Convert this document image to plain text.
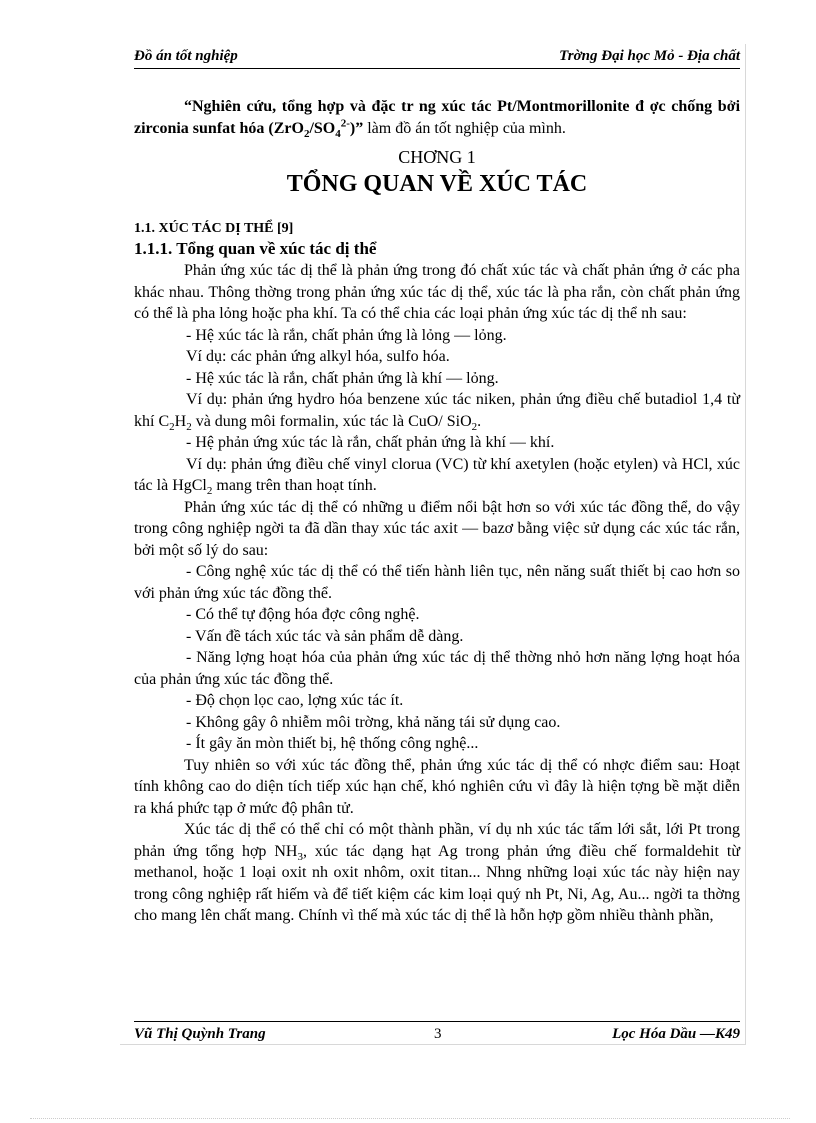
Đồ án tốt nghiệp	Trờng Đại học Mỏ - Địa chất

“Nghiên cứu, tổng hợp và đặc tr ng xúc tác Pt/Montmorillonite đ ợc chống bởi zirconia sunfat hóa $(ZrO_2/SO_4^{2-})$” làm đồ án tốt nghiệp của mình.

CHƠNG 1
TỔNG QUAN VỀ XÚC TÁC
1.1. XÚC TÁC DỊ THỂ [9]
1.1.1. Tổng quan về xúc tác dị thể

Phản ứng xúc tác dị thể là phản ứng trong đó chất xúc tác và chất phản ứng ở các pha khác nhau. Thông thờng trong phản ứng xúc tác dị thể, xúc tác là pha rắn, còn chất phản ứng có thể là pha lỏng hoặc pha khí. Ta có thể chia các loại phản ứng xúc tác dị thể nh sau:

- Hệ xúc tác là rắn, chất phản ứng là lỏng — lỏng.

Ví dụ: các phản ứng alkyl hóa, sulfo hóa.

- Hệ xúc tác là rắn, chất phản ứng là khí — lỏng.

Ví dụ: phản ứng hydro hóa benzene xúc tác niken, phản ứng điều chế butadiol 1,4 từ khí $C_2H_2$ và dung môi formalin, xúc tác là CuO/ SiO$_2$.

- Hệ phản ứng xúc tác là rắn, chất phản ứng là khí — khí.

Ví dụ: phản ứng điều chế vinyl clorua (VC) từ khí axetylen (hoặc etylen) và HCl, xúc tác là HgCl$_2$ mang trên than hoạt tính.

Phản ứng xúc tác dị thể có những u điểm nổi bật hơn so với xúc tác đồng thể, do vậy trong công nghiệp ngời ta đã dần thay xúc tác axit — bazơ bằng việc sử dụng các xúc tác rắn, bởi một số lý do sau:

- Công nghệ xúc tác dị thể có thể tiến hành liên tục, nên năng suất thiết bị cao hơn so với phản ứng xúc tác đồng thể.

- Có thể tự động hóa đợc công nghệ.

- Vấn đề tách xúc tác và sản phẩm dễ dàng.

- Năng lợng hoạt hóa của phản ứng xúc tác dị thể thờng nhỏ hơn năng lợng hoạt hóa của phản ứng xúc tác đồng thể.

- Độ chọn lọc cao, lợng xúc tác ít.

- Không gây ô nhiễm môi trờng, khả năng tái sử dụng cao.

- Ít gây ăn mòn thiết bị, hệ thống công nghệ...

Tuy nhiên so với xúc tác đồng thể, phản ứng xúc tác dị thể có nhợc điểm sau: Hoạt tính không cao do diện tích tiếp xúc hạn chế, khó nghiên cứu vì đây là hiện tợng bề mặt diễn ra khá phức tạp ở mức độ phân tử.

Xúc tác dị thể có thể chỉ có một thành phần, ví dụ nh xúc tác tấm lới sắt, lới Pt trong phản ứng tổng hợp $NH_3$, xúc tác dạng hạt Ag trong phản ứng điều chế formaldehit từ methanol, hoặc 1 loại oxit nh oxit nhôm, oxit titan... Nhng những loại xúc tác này hiện nay trong công nghiệp rất hiếm và để tiết kiệm các kim loại quý nh Pt, Ni, Ag, Au... ngời ta thờng cho mang lên chất mang. Chính vì thế mà xúc tác dị thể là hỗn hợp gồm nhiều thành phần,

Vũ Thị Quỳnh Trang	3	Lọc Hóa Dầu —K49
